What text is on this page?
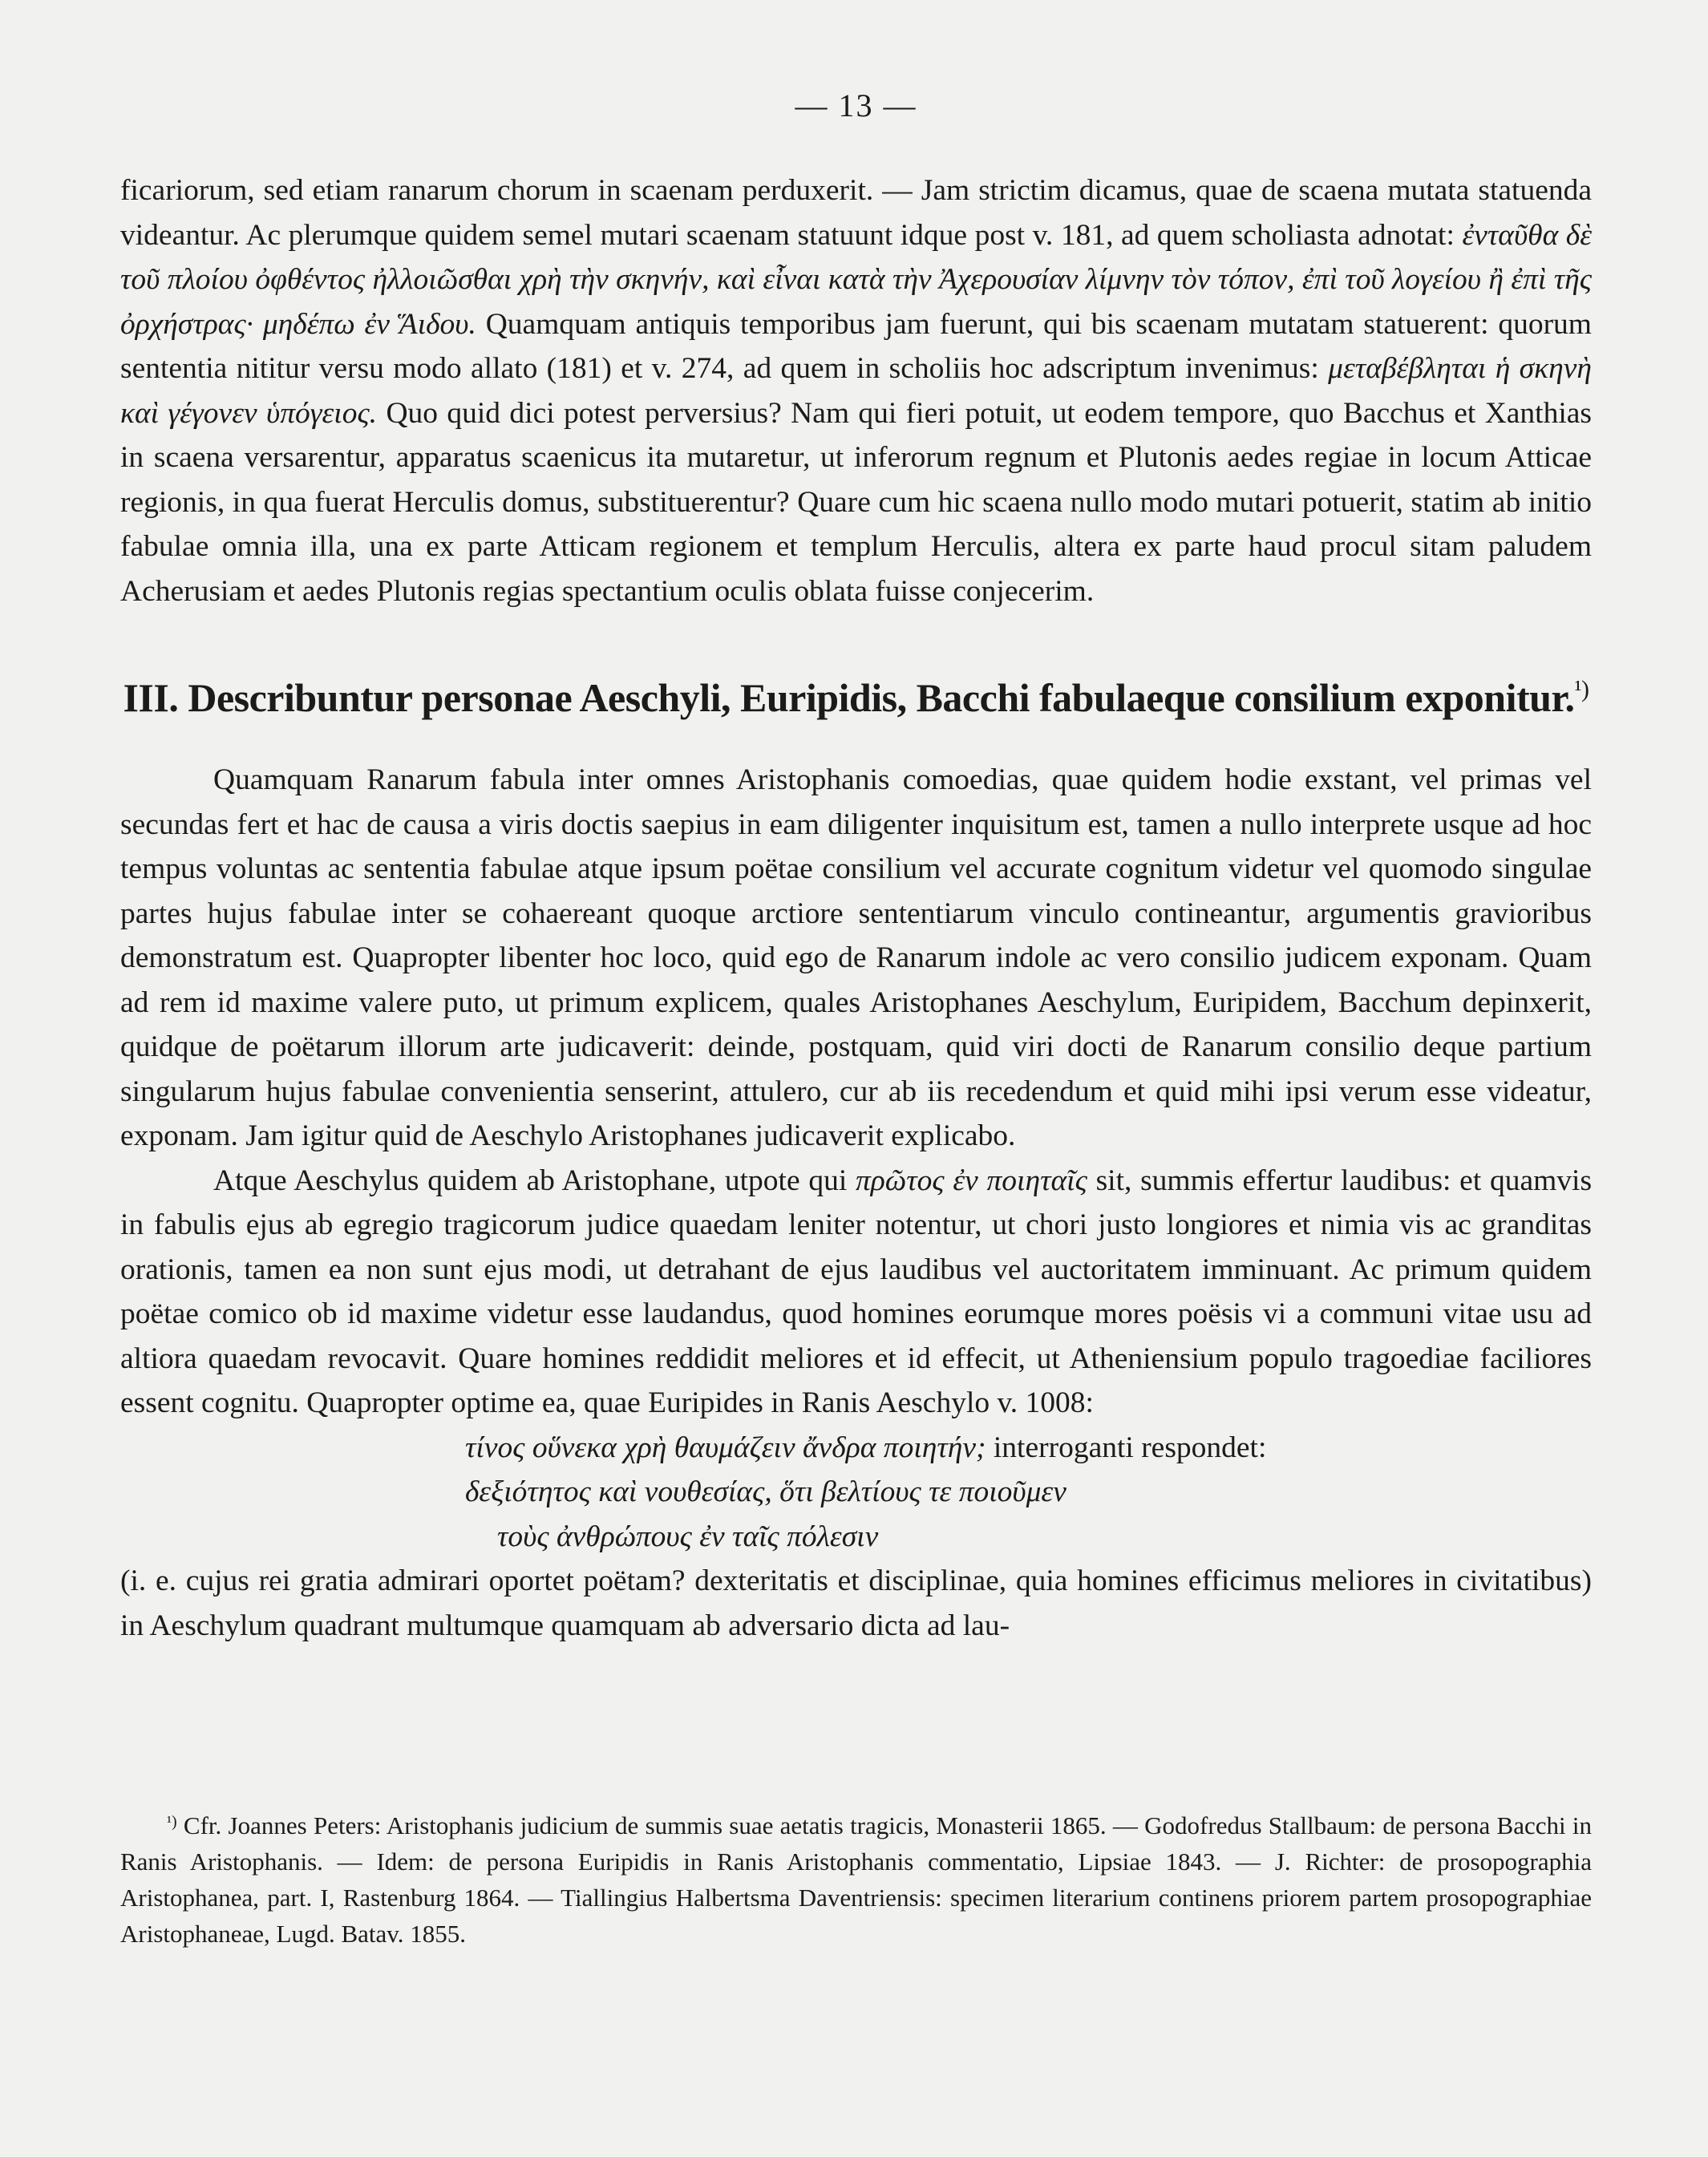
— 13 —

ficariorum, sed etiam ranarum chorum in scaenam perduxerit. — Jam strictim dicamus, quae de scaena mutata statuenda videantur. Ac plerumque quidem semel mutari scaenam statuunt idque post v. 181, ad quem scholiasta adnotat: ἐνταῦθα δὲ τοῦ πλοίου ὀφθέντος ἠλλοιῶσθαι χρὴ τὴν σκηνήν, καὶ εἶναι κατὰ τὴν Ἀχερουσίαν λίμνην τὸν τόπον, ἐπὶ τοῦ λογείου ἢ ἐπὶ τῆς ὀρχήστρας· μηδέπω ἐν Ἅιδου. Quamquam antiquis temporibus jam fuerunt, qui bis scaenam mutatam statuerent: quorum sententia nititur versu modo allato (181) et v. 274, ad quem in scholiis hoc adscriptum invenimus: μεταβέβληται ἡ σκηνὴ καὶ γέγονεν ὑπόγειος. Quo quid dici potest perversius? Nam qui fieri potuit, ut eodem tempore, quo Bacchus et Xanthias in scaena versarentur, apparatus scaenicus ita mutaretur, ut inferorum regnum et Plutonis aedes regiae in locum Atticae regionis, in qua fuerat Herculis domus, substituerentur? Quare cum hic scaena nullo modo mutari potuerit, statim ab initio fabulae omnia illa, una ex parte Atticam regionem et templum Herculis, altera ex parte haud procul sitam paludem Acherusiam et aedes Plutonis regias spectantium oculis oblata fuisse conjecerim.

III. Describuntur personae Aeschyli, Euripidis, Bacchi fabulaeque consilium exponitur.$^{^1)}$

Quamquam Ranarum fabula inter omnes Aristophanis comoedias, quae quidem hodie exstant, vel primas vel secundas fert et hac de causa a viris doctis saepius in eam diligenter inquisitum est, tamen a nullo interprete usque ad hoc tempus voluntas ac sententia fabulae atque ipsum poëtae consilium vel accurate cognitum videtur vel quomodo singulae partes hujus fabulae inter se cohaereant quoque arctiore sententiarum vinculo contineantur, argumentis gravioribus demonstratum est. Quapropter libenter hoc loco, quid ego de Ranarum indole ac vero consilio judicem exponam. Quam ad rem id maxime valere puto, ut primum explicem, quales Aristophanes Aeschylum, Euripidem, Bacchum depinxerit, quidque de poëtarum illorum arte judicaverit: deinde, postquam, quid viri docti de Ranarum consilio deque partium singularum hujus fabulae convenientia senserint, attulero, cur ab iis recedendum et quid mihi ipsi verum esse videatur, exponam. Jam igitur quid de Aeschylo Aristophanes judicaverit explicabo.

Atque Aeschylus quidem ab Aristophane, utpote qui πρῶτος ἐν ποιηταῖς sit, summis effertur laudibus: et quamvis in fabulis ejus ab egregio tragicorum judice quaedam leniter notentur, ut chori justo longiores et nimia vis ac granditas orationis, tamen ea non sunt ejus modi, ut detrahant de ejus laudibus vel auctoritatem imminuant. Ac primum quidem poëtae comico ob id maxime videtur esse laudandus, quod homines eorumque mores poësis vi a communi vitae usu ad altiora quaedam revocavit. Quare homines reddidit meliores et id effecit, ut Atheniensium populo tragoediae faciliores essent cognitu. Quapropter optime ea, quae Euripides in Ranis Aeschylo v. 1008:

τίνος οὕνεκα χρὴ θαυμάζειν ἄνδρα ποιητήν; interroganti respondet:
δεξιότητος καὶ νουθεσίας, ὅτι βελτίους τε ποιοῦμεν
τοὺς ἀνθρώπους ἐν ταῖς πόλεσιν

(i. e. cujus rei gratia admirari oportet poëtam? dexteritatis et disciplinae, quia homines efficimus meliores in civitatibus) in Aeschylum quadrant multumque quamquam ab adversario dicta ad lau-

$^{^1)}$ Cfr. Joannes Peters: Aristophanis judicium de summis suae aetatis tragicis, Monasterii 1865. — Godofredus Stallbaum: de persona Bacchi in Ranis Aristophanis. — Idem: de persona Euripidis in Ranis Aristophanis commentatio, Lipsiae 1843. — J. Richter: de prosopographia Aristophanea, part. I, Rastenburg 1864. — Tiallingius Halbertsma Daventriensis: specimen literarium continens priorem partem prosopographiae Aristophaneae, Lugd. Batav. 1855.
